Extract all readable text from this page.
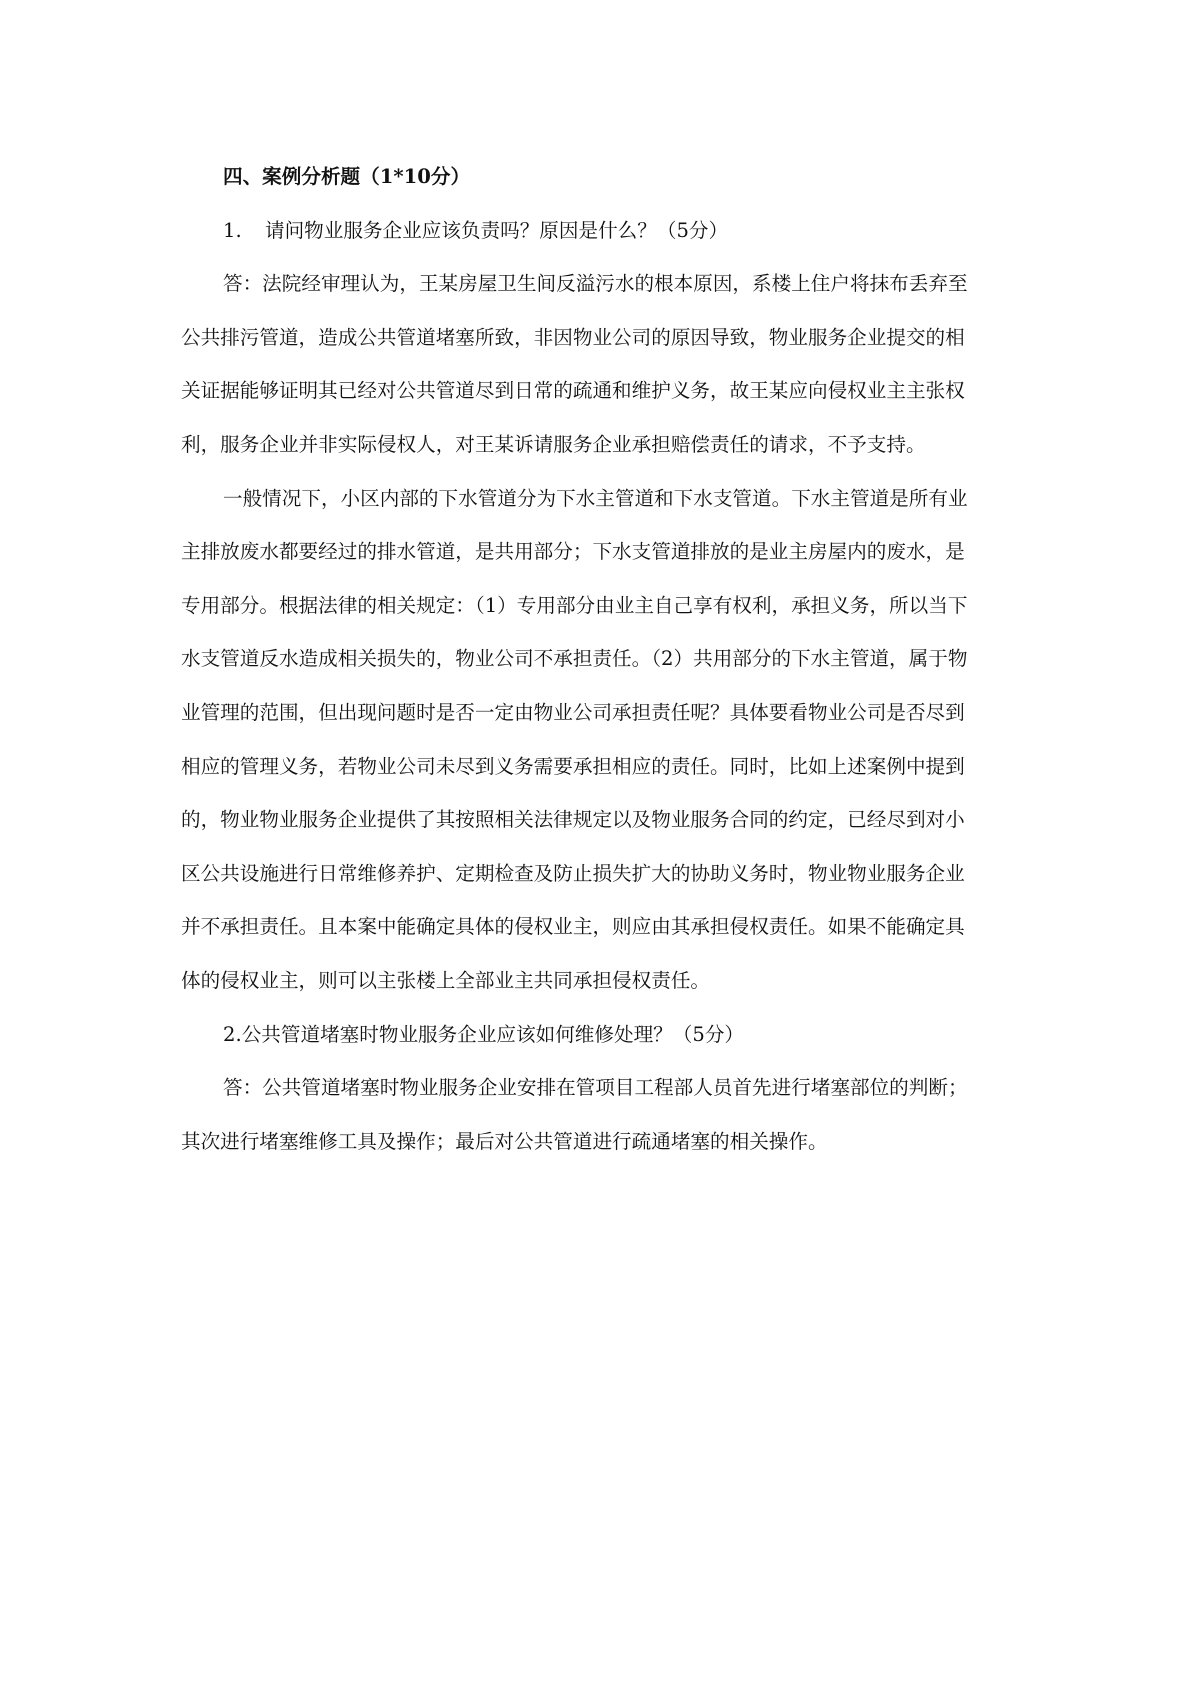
四、案例分析题（1*10分）
1. 请问物业服务企业应该负责吗？原因是什么？（5分）
答：法院经审理认为，王某房屋卫生间反溢污水的根本原因，系楼上住户将抹布丢弃至
公共排污管道，造成公共管道堵塞所致，非因物业公司的原因导致，物业服务企业提交的相
关证据能够证明其已经对公共管道尽到日常的疏通和维护义务，故王某应向侵权业主主张权
利，服务企业并非实际侵权人，对王某诉请服务企业承担赔偿责任的请求，不予支持。
一般情况下，小区内部的下水管道分为下水主管道和下水支管道。下水主管道是所有业
主排放废水都要经过的排水管道，是共用部分；下水支管道排放的是业主房屋内的废水，是
专用部分。根据法律的相关规定：（1）专用部分由业主自己享有权利，承担义务，所以当下
水支管道反水造成相关损失的，物业公司不承担责任。（2）共用部分的下水主管道，属于物
业管理的范围，但出现问题时是否一定由物业公司承担责任呢？具体要看物业公司是否尽到
相应的管理义务，若物业公司未尽到义务需要承担相应的责任。同时，比如上述案例中提到
的，物业物业服务企业提供了其按照相关法律规定以及物业服务合同的约定，已经尽到对小
区公共设施进行日常维修养护、定期检查及防止损失扩大的协助义务时，物业物业服务企业
并不承担责任。且本案中能确定具体的侵权业主，则应由其承担侵权责任。如果不能确定具
体的侵权业主，则可以主张楼上全部业主共同承担侵权责任。
2.公共管道堵塞时物业服务企业应该如何维修处理？（5分）
答：公共管道堵塞时物业服务企业安排在管项目工程部人员首先进行堵塞部位的判断；
其次进行堵塞维修工具及操作；最后对公共管道进行疏通堵塞的相关操作。
